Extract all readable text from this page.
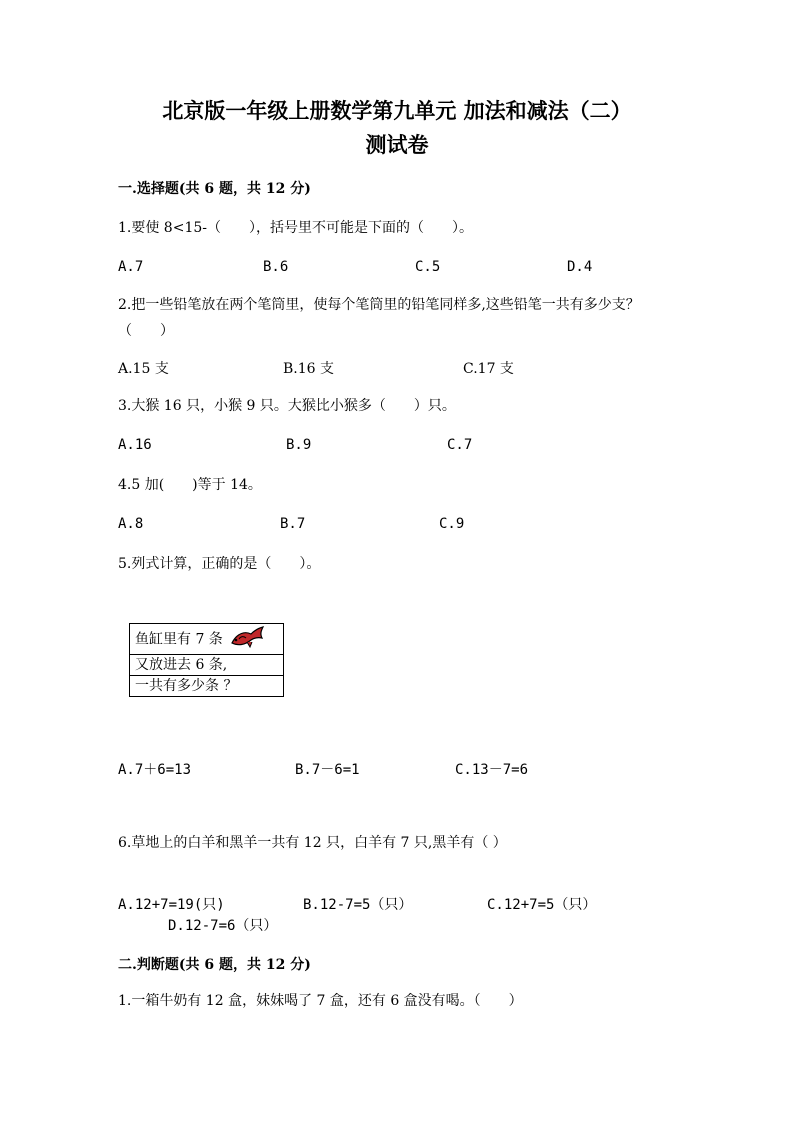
北京版一年级上册数学第九单元 加法和减法（二）
测试卷
一.选择题(共 6 题，共 12 分)
1.要使 8<15-（　　），括号里不可能是下面的（　　）。
A.7	B.6	C.5	D.4
2.把一些铅笔放在两个笔筒里，使每个笔筒里的铅笔同样多,这些铅笔一共有多少支？（　　）
A.15 支	B.16 支	C.17 支
3.大猴 16 只，小猴 9 只。大猴比小猴多（　　）只。
A.16	B.9	C.7
4.5 加(　　)等于 14。
A.8	B.7	C.9
5.列式计算，正确的是（　　）。
鱼缸里有 7 条
又放进去 6 条,
一共有多少条 ？
A.7＋6=13	B.7－6=1	C.13－7=6
6.草地上的白羊和黑羊一共有 12 只，白羊有 7 只,黑羊有（ ）
A.12+7=19(只)	B.12-7=5（只）	C.12+7=5（只）
D.12-7=6（只）
二.判断题(共 6 题，共 12 分)
1.一箱牛奶有 12 盒，妹妹喝了 7 盒，还有 6 盒没有喝。（　　）
